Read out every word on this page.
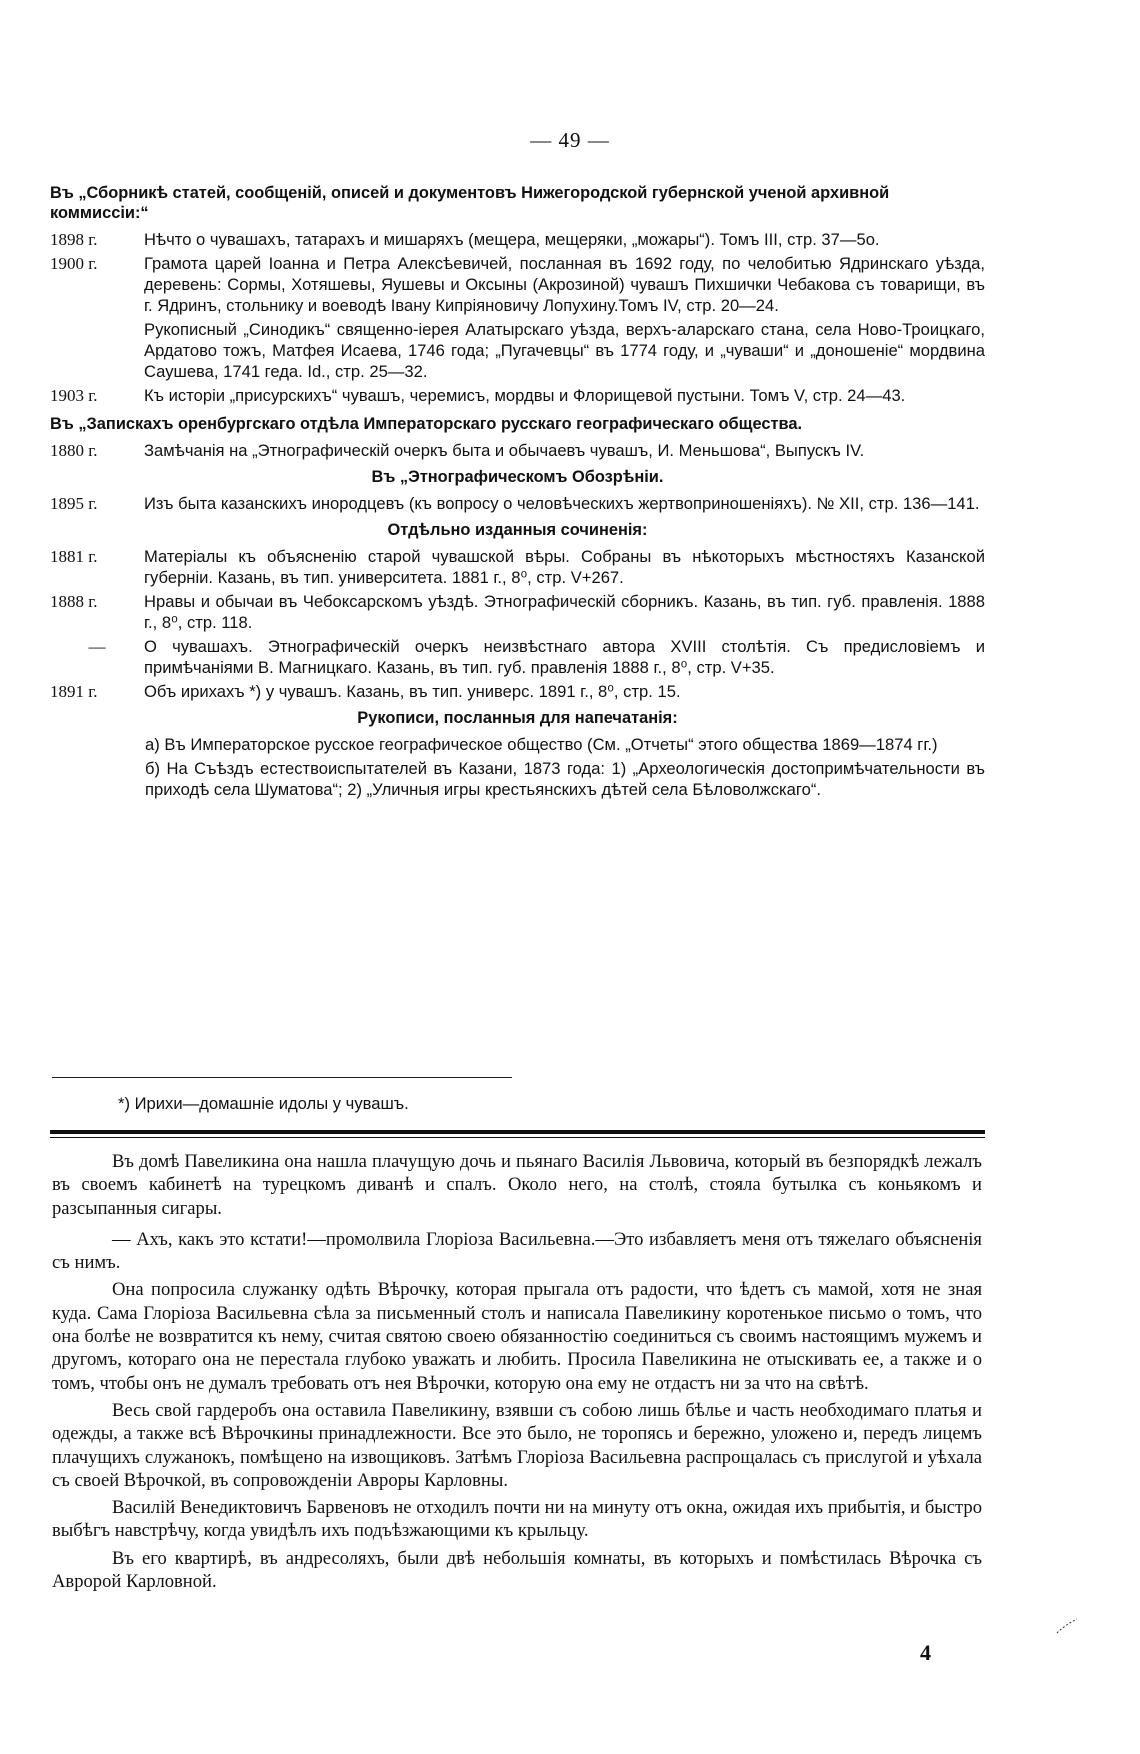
— 49 —
Въ „Сборникѣ статей, сообщеній, описей и документовъ Нижегородской губернской ученой архивной коммиссіи:“
1898 г.	Нѣчто о чувашахъ, татарахъ и мишаряхъ (мещера, мещеряки, „можары“). Томъ III, стр. 37—5о.
1900 г.	Грамота царей Іоанна и Петра Алексѣевичей, посланная въ 1692 году, по челобитью Ядринскаго уѣзда, деревень: Сормы, Хотяшевы, Яушевы и Оксыны (Акрозиной) чувашъ Пихшички Чебакова съ товарищи, въ г. Ядринъ, стольнику и воеводѣ Івану Кипріяновичу Лопухину.Томъ IV, стр. 20—24.
Рукописный „Синодикъ“ священно-іерея Алатырскаго уѣзда, верхъ-аларскаго стана, села Ново-Троицкаго, Ардатово тожъ, Матфея Исаева, 1746 года; „Пугачевцы“ въ 1774 году, и „чуваши“ и „доношеніе“ мордвина Саушева, 1741 геда. Id., стр. 25—32.
1903 г.	Къ исторіи „присурскихъ“ чувашъ, черемисъ, мордвы и Флорищевой пустыни. Томъ V, стр. 24—43.
Въ „Запискахъ оренбургскаго отдѣла Императорскаго русскаго географическаго общества.
1880 г.	Замѣчанія на „Этнографическій очеркъ быта и обычаевъ чувашъ, И. Меньшова“, Выпускъ IV.
Въ „Этнографическомъ Обозрѣніи.
1895 г.	Изъ быта казанскихъ инородцевъ (къ вопросу о человѣческихъ жертвоприношеніяхъ). № XII, стр. 136—141.
Отдѣльно изданныя сочиненія:
1881 г.	Матеріалы къ объясненію старой чувашской вѣры. Собраны въ нѣкоторыхъ мѣстностяхъ Казанской губерніи. Казань, въ тип. университета. 1881 г., 8⁰, стр. V+267.
1888 г.	Нравы и обычаи въ Чебоксарскомъ уѣздѣ. Этнографическій сборникъ. Казань, въ тип. губ. правленія. 1888 г., 8⁰, стр. 118.
—	О чувашахъ. Этнографическій очеркъ неизвѣстнаго автора XVIII столѣтія. Съ предисловіемъ и примѣчаніями В. Магницкаго. Казань, въ тип. губ. правленія 1888 г., 8⁰, стр. V+35.
1891 г.	Объ ирихахъ *) у чувашъ. Казань, въ тип. универс. 1891 г., 8⁰, стр. 15.
Рукописи, посланныя для напечатанія:

а) Въ Императорское русское географическое общество (См. „Отчеты“ этого общества 1869—1874 гг.)

б) На Съѣздъ естествоиспытателей въ Казани, 1873 года: 1) „Археологическія достопримѣчательности въ приходѣ села Шуматова“; 2) „Уличныя игры крестьянскихъ дѣтей села Бѣловолжскаго“.

*) Ирихи—домашніе идолы у чувашъ.

Въ домѣ Павеликина она нашла плачущую дочь и пьянаго Василія Львовича, который въ безпорядкѣ лежалъ въ своемъ кабинетѣ на турецкомъ диванѣ и спалъ. Около него, на столѣ, стояла бутылка съ коньякомъ и разсыпанныя сигары.

— Ахъ, какъ это кстати!—промолвила Глоріоза Васильевна.—Это избавляетъ меня отъ тяжелаго объясненія съ нимъ.

Она попросила служанку одѣть Вѣрочку, которая прыгала отъ радости, что ѣдетъ съ мамой, хотя не зная куда. Сама Глоріоза Васильевна сѣла за письменный столъ и написала Павеликину коротенькое письмо о томъ, что она болѣе не возвратится къ нему, считая святою своею обязанностію соединиться съ своимъ настоящимъ мужемъ и другомъ, котораго она не перестала глубоко уважать и любить. Просила Павеликина не отыскивать ее, а также и о томъ, чтобы онъ не думалъ требовать отъ нея Вѣрочки, которую она ему не отдастъ ни за что на свѣтѣ.

Весь свой гардеробъ она оставила Павеликину, взявши съ собою лишь бѣлье и часть необходимаго платья и одежды, а также всѣ Вѣрочкины принадлежности. Все это было, не торопясь и бережно, уложено и, передъ лицемъ плачущихъ служанокъ, помѣщено на извощиковъ. Затѣмъ Глоріоза Васильевна распрощалась съ прислугой и уѣхала съ своей Вѣрочкой, въ сопровожденіи Авроры Карловны.

Василій Венедиктовичъ Барвеновъ не отходилъ почти ни на минуту отъ окна, ожидая ихъ прибытія, и быстро выбѣгъ навстрѣчу, когда увидѣлъ ихъ подъѣзжающими къ крыльцу.

Въ его квартирѣ, въ андресоляхъ, были двѣ небольшія комнаты, въ которыхъ и помѣстилась Вѣрочка съ Авророй Карловной.

4
